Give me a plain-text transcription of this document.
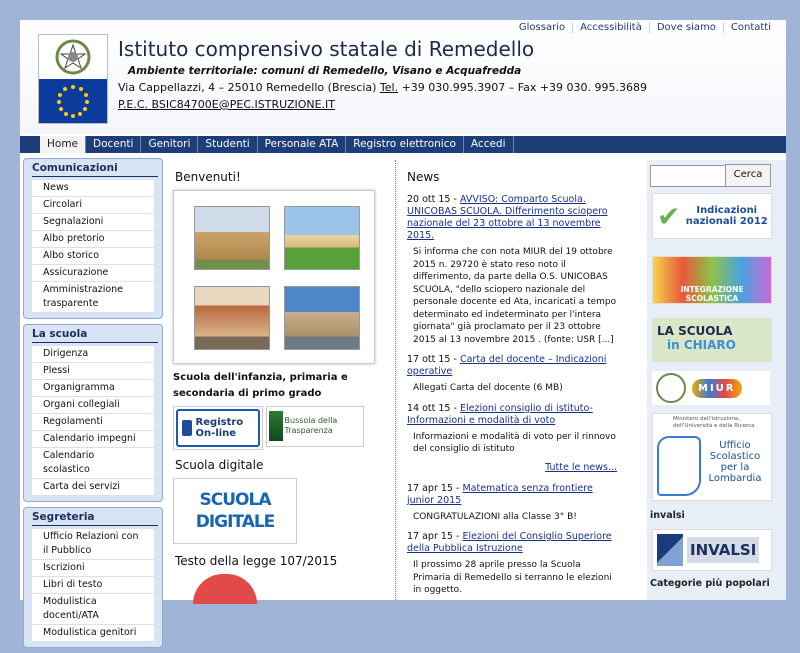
Glossario	Accessibilità	Dove siamo	Contatti
Istituto comprensivo statale di Remedello
Ambiente territoriale: comuni di Remedello, Visano e Acquafredda
Via Cappellazzi, 4 – 25010 Remedello (Brescia) Tel. +39 030.995.3907 – Fax +39 030. 995.3689
P.E.C. BSIC84700E@PEC.ISTRUZIONE.IT
Home	Docenti	Genitori	Studenti	Personale ATA	Registro elettronico	Accedi
Comunicazioni
News
Circolari
Segnalazioni
Albo pretorio
Albo storico
Assicurazione
Amministrazione trasparente
La scuola
Dirigenza
Plessi
Organigramma
Organi collegiali
Regolamenti
Calendario impegni
Calendario scolastico
Carta dei servizi
Segreteria
Ufficio Relazioni con il Pubblico
Iscrizioni
Libri di testo
Modulistica docenti/ATA
Modulistica genitori
Benvenuti!

Scuola dell'infanzia, primaria e secondaria di primo grado

Registro On-line

Bussola della Trasparenza
Scuola digitale
SCUOLA DIGITALE
Testo della legge 107/2015
News
20 ott 15 - AVVISO: Comparto Scuola. UNICOBAS SCUOLA. Differimento sciopero nazionale del 23 ottobre al 13 novembre 2015.
Si informa che con nota MIUR del 19 ottobre 2015 n. 29720 è stato reso noto il differimento, da parte della O.S. UNICOBAS SCUOLA, "dello sciopero nazionale del personale docente ed Ata, incaricati a tempo determinato ed indeterminato per l'intera giornata" già proclamato per il 23 ottobre 2015 al 13 novembre 2015 . (fonte: USR [...]
17 ott 15 - Carta del docente – Indicazioni operative
Allegati Carta del docente (6 MB)
14 ott 15 - Elezioni consiglio di istituto-Informazioni e modalità di voto
Informazioni e modalità di voto per il rinnovo del consiglio di istituto
Tutte le news...
17 apr 15 - Matematica senza frontiere junior 2015
CONGRATULAZIONI alla Classe 3° B!
17 apr 15 - Elezioni del Consiglio Superiore della Pubblica Istruzione
Il prossimo 28 aprile presso la Scuola Primaria di Remedello si terranno le elezioni in oggetto.
Cerca
✔	Indicazioni nazionali 2012
INTEGRAZIONE SCOLASTICA
LA SCUOLA
in CHIARO
MIUR
Ministero dell'Istruzione, dell'Università e della Ricerca
Ufficio Scolastico per la Lombardia
invalsi
INVALSI
Categorie più popolari
